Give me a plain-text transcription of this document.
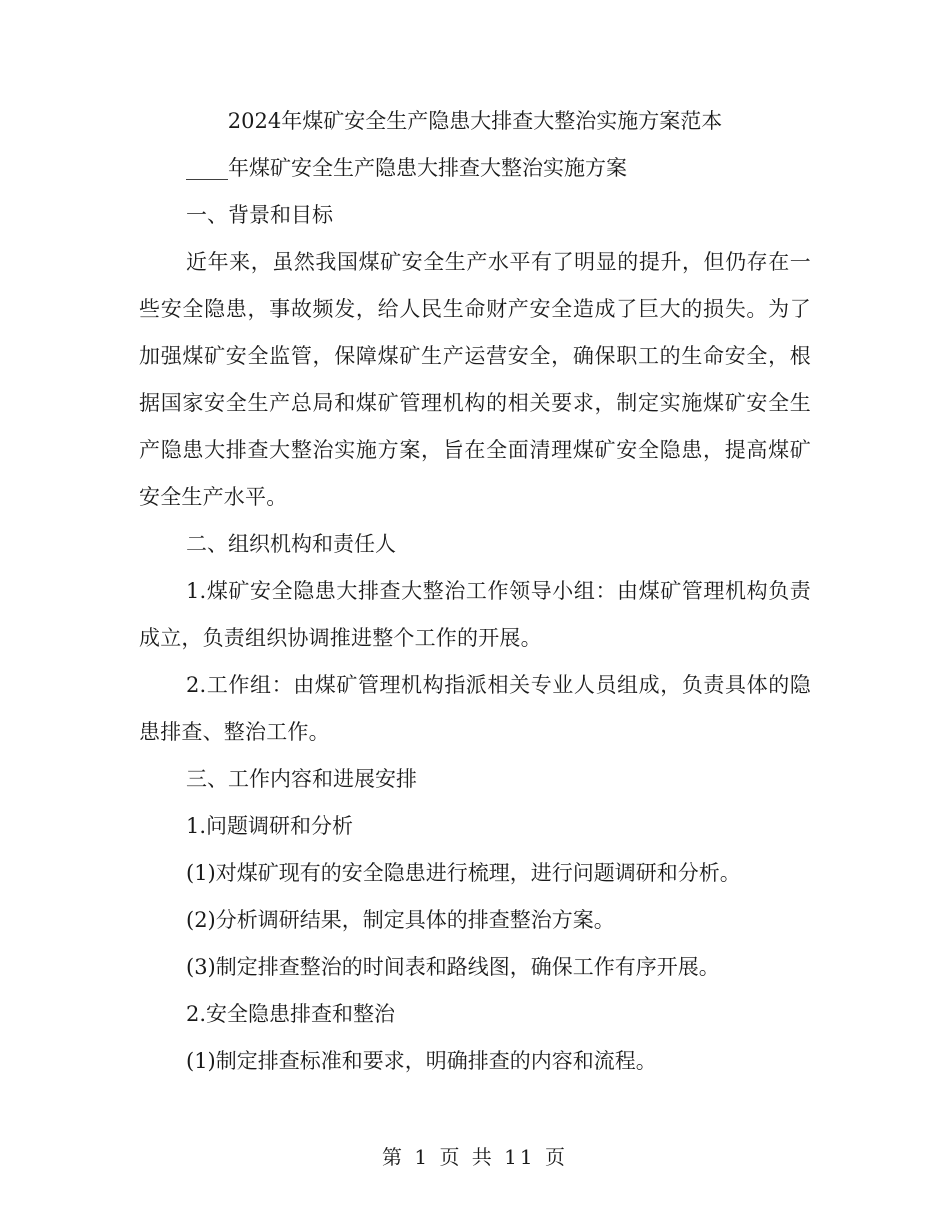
2024年煤矿安全生产隐患大排查大整治实施方案范本
____年煤矿安全生产隐患大排查大整治实施方案
一、背景和目标

近年来，虽然我国煤矿安全生产水平有了明显的提升，但仍存在一些安全隐患，事故频发，给人民生命财产安全造成了巨大的损失。为了加强煤矿安全监管，保障煤矿生产运营安全，确保职工的生命安全，根据国家安全生产总局和煤矿管理机构的相关要求，制定实施煤矿安全生产隐患大排查大整治实施方案，旨在全面清理煤矿安全隐患，提高煤矿安全生产水平。

二、组织机构和责任人

1.煤矿安全隐患大排查大整治工作领导小组：由煤矿管理机构负责成立，负责组织协调推进整个工作的开展。

2.工作组：由煤矿管理机构指派相关专业人员组成，负责具体的隐患排查、整治工作。

三、工作内容和进展安排
1.问题调研和分析
(1)对煤矿现有的安全隐患进行梳理，进行问题调研和分析。
(2)分析调研结果，制定具体的排查整治方案。
(3)制定排查整治的时间表和路线图，确保工作有序开展。
2.安全隐患排查和整治
(1)制定排查标准和要求，明确排查的内容和流程。
第 1 页 共 11 页
